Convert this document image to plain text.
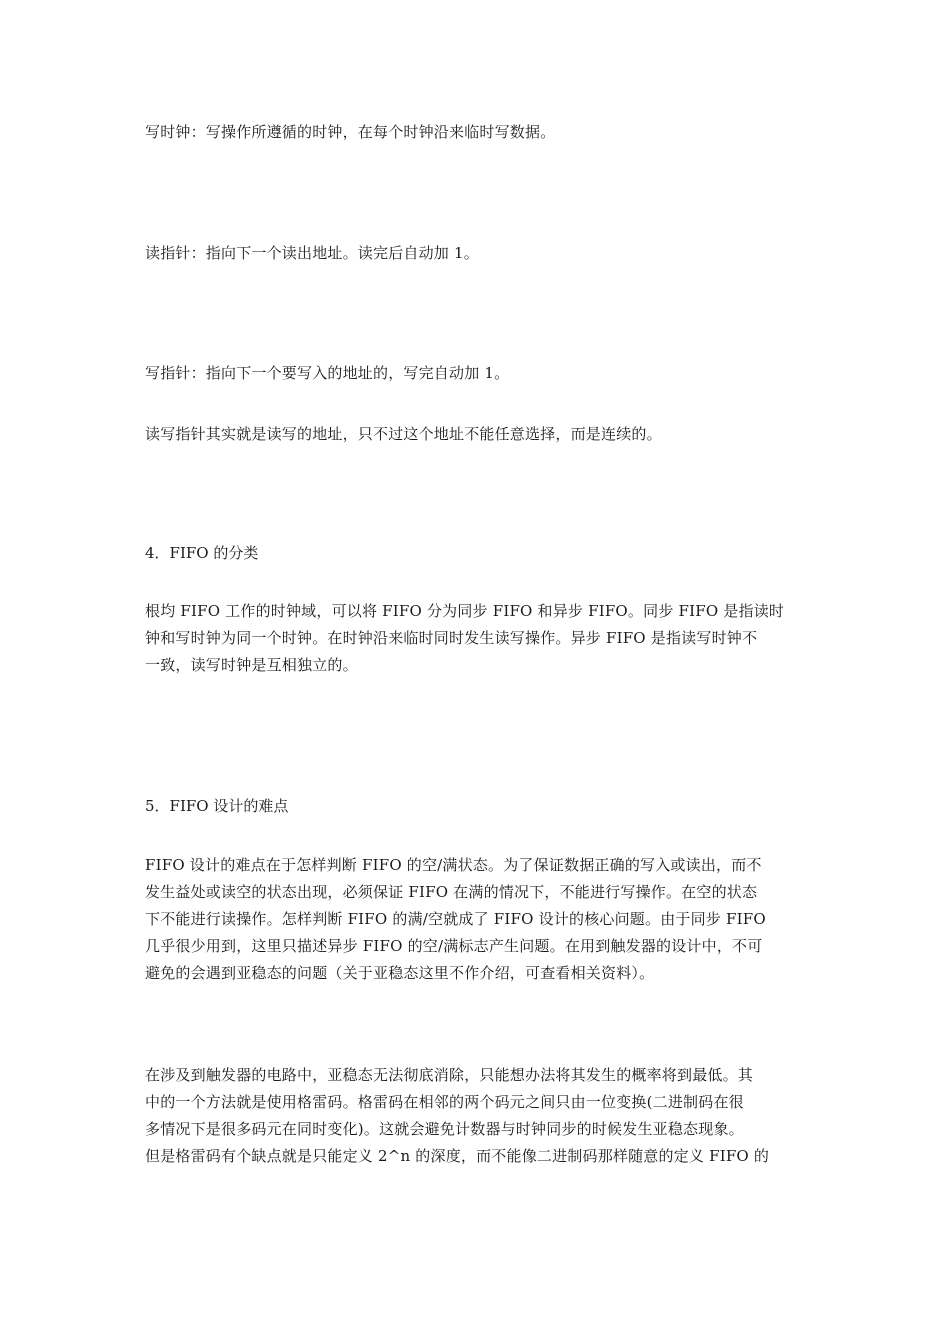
写时钟：写操作所遵循的时钟，在每个时钟沿来临时写数据。

读指针：指向下一个读出地址。读完后自动加 1。

写指针：指向下一个要写入的地址的，写完自动加 1。

读写指针其实就是读写的地址，只不过这个地址不能任意选择，而是连续的。

4．FIFO 的分类

根均 FIFO 工作的时钟域，可以将 FIFO 分为同步 FIFO 和异步 FIFO。同步 FIFO 是指读时
钟和写时钟为同一个时钟。在时钟沿来临时同时发生读写操作。异步 FIFO 是指读写时钟不
一致，读写时钟是互相独立的。

5．FIFO 设计的难点

FIFO 设计的难点在于怎样判断 FIFO 的空/满状态。为了保证数据正确的写入或读出，而不
发生益处或读空的状态出现，必须保证 FIFO 在满的情况下，不能进行写操作。在空的状态
下不能进行读操作。怎样判断 FIFO 的满/空就成了 FIFO 设计的核心问题。由于同步 FIFO
几乎很少用到，这里只描述异步 FIFO 的空/满标志产生问题。在用到触发器的设计中，不可
避免的会遇到亚稳态的问题（关于亚稳态这里不作介绍，可查看相关资料）。
在涉及到触发器的电路中，亚稳态无法彻底消除，只能想办法将其发生的概率将到最低。其
中的一个方法就是使用格雷码。格雷码在相邻的两个码元之间只由一位变换(二进制码在很
多情况下是很多码元在同时变化)。这就会避免计数器与时钟同步的时候发生亚稳态现象。
但是格雷码有个缺点就是只能定义 2^n 的深度，而不能像二进制码那样随意的定义 FIFO 的
